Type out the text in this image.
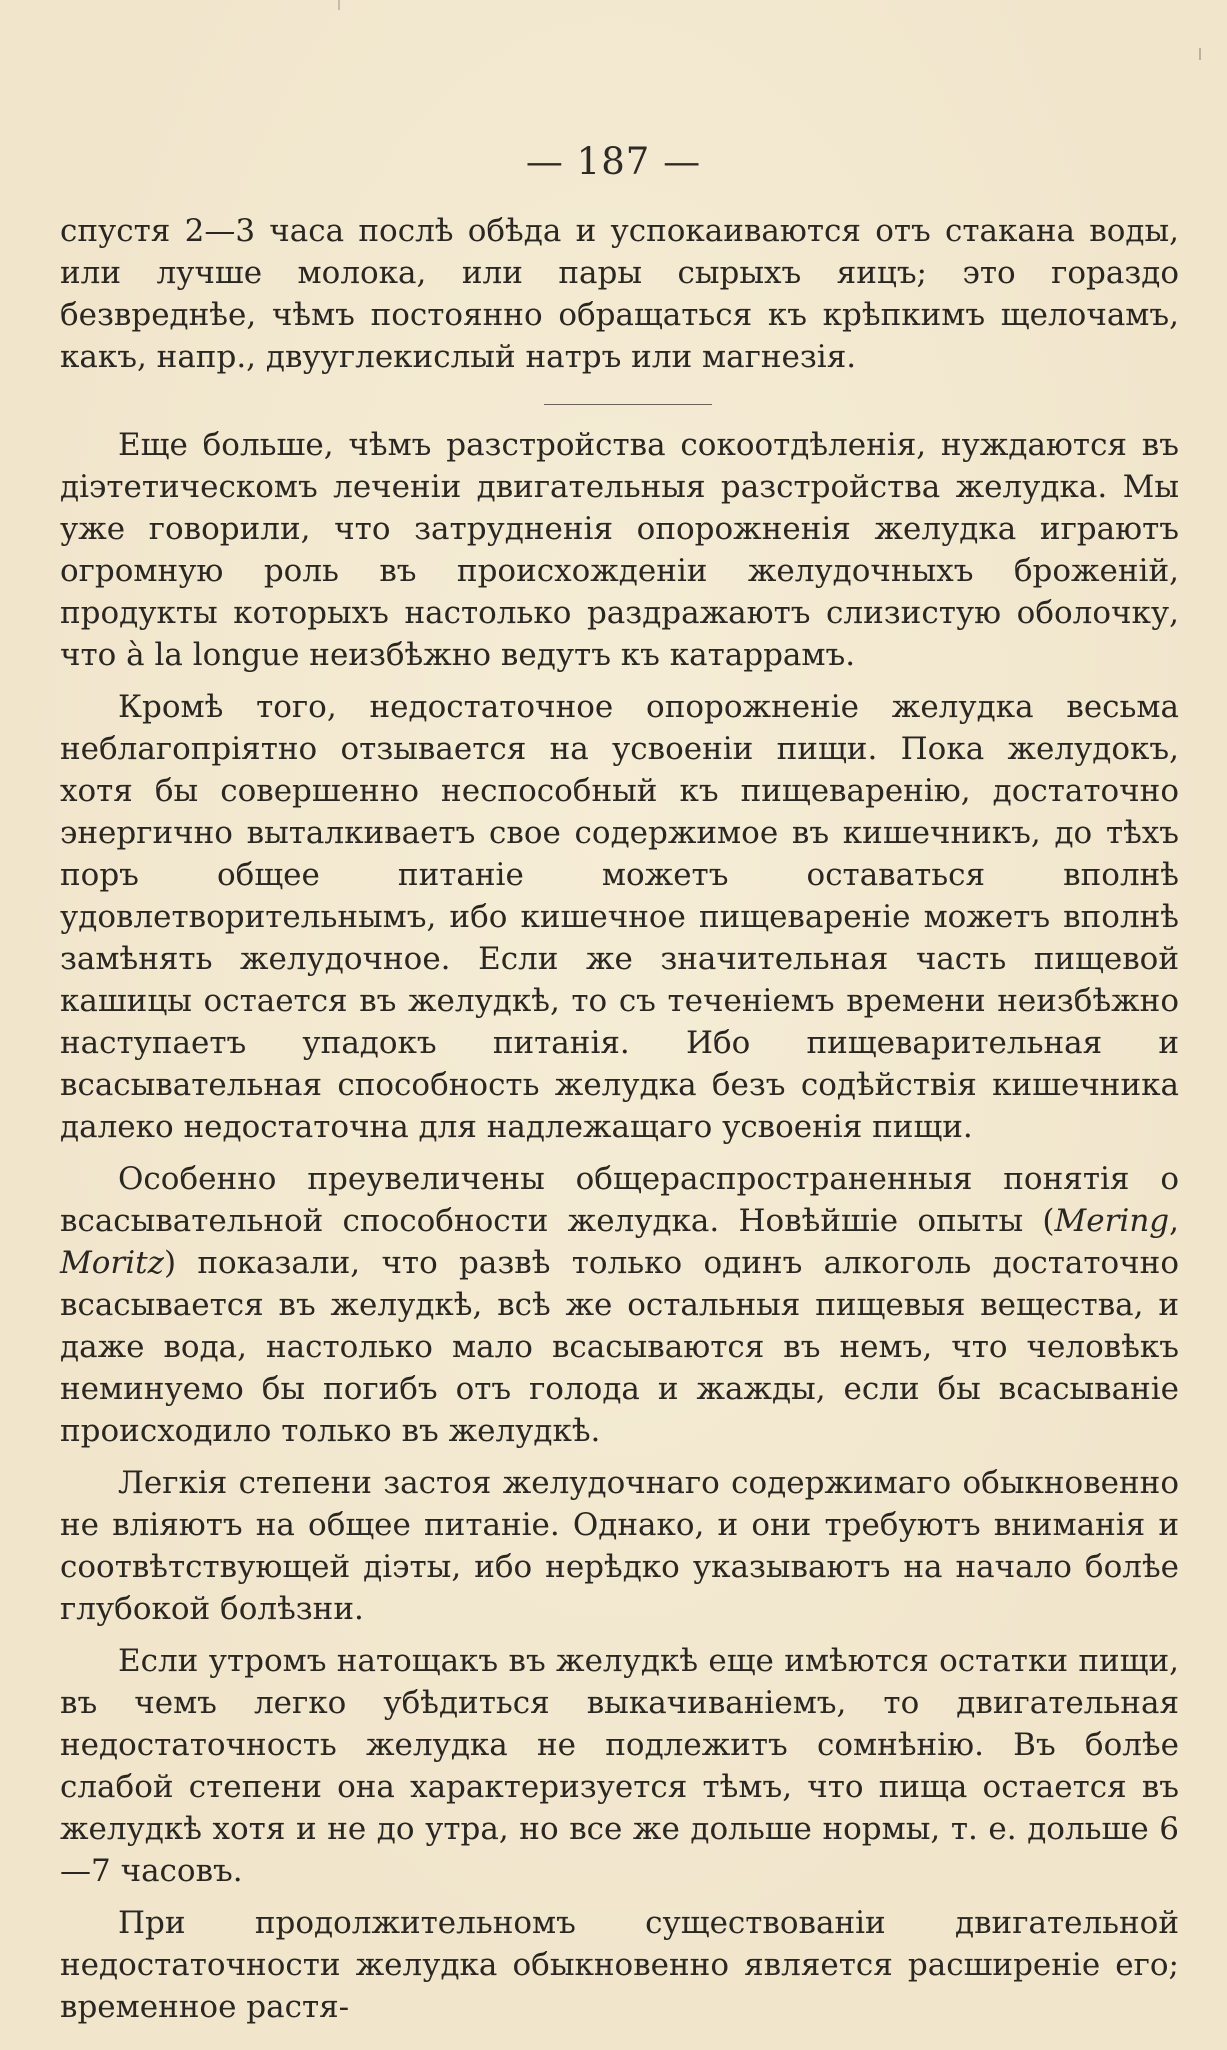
— 187 —

спустя 2—3 часа послѣ обѣда и успокаиваются отъ стакана воды, или лучше молока, или пары сырыхъ яицъ; это гораздо безвреднѣе, чѣмъ постоянно обращаться къ крѣпкимъ щелочамъ, какъ, напр., двууглекислый натръ или магнезія.

Еще больше, чѣмъ разстройства сокоотдѣленія, нуждаются въ діэтетическомъ леченіи двигательныя разстройства желудка. Мы уже говорили, что затрудненія опорожненія желудка играютъ огромную роль въ происхожденіи желудочныхъ броженій, продукты которыхъ настолько раздражаютъ слизистую оболочку, что à la longue неизбѣжно ведутъ къ катаррамъ.

Кромѣ того, недостаточное опорожненіе желудка весьма неблагопріятно отзывается на усвоеніи пищи. Пока желудокъ, хотя бы совершенно неспособный къ пищеваренію, достаточно энергично выталкиваетъ свое содержимое въ кишечникъ, до тѣхъ поръ общее питаніе можетъ оставаться вполнѣ удовлетворительнымъ, ибо кишечное пищевареніе можетъ вполнѣ замѣнять желудочное. Если же значительная часть пищевой кашицы остается въ желудкѣ, то съ теченіемъ времени неизбѣжно наступаетъ упадокъ питанія. Ибо пищеварительная и всасывательная способность желудка безъ содѣйствія кишечника далеко недостаточна для надлежащаго усвоенія пищи.

Особенно преувеличены общераспространенныя понятія о всасывательной способности желудка. Новѣйшіе опыты (Mering, Moritz) показали, что развѣ только одинъ алкоголь достаточно всасывается въ желудкѣ, всѣ же остальныя пищевыя вещества, и даже вода, настолько мало всасываются въ немъ, что человѣкъ неминуемо бы погибъ отъ голода и жажды, если бы всасываніе происходило только въ желудкѣ.

Легкія степени застоя желудочнаго содержимаго обыкновенно не вліяютъ на общее питаніе. Однако, и они требуютъ вниманія и соотвѣтствующей діэты, ибо нерѣдко указываютъ на начало болѣе глубокой болѣзни.

Если утромъ натощакъ въ желудкѣ еще имѣются остатки пищи, въ чемъ легко убѣдиться выкачиваніемъ, то двигательная недостаточность желудка не подлежитъ сомнѣнію. Въ болѣе слабой степени она характеризуется тѣмъ, что пища остается въ желудкѣ хотя и не до утра, но все же дольше нормы, т. е. дольше 6—7 часовъ.

При продолжительномъ существованіи двигательной недостаточности желудка обыкновенно является расширеніе его; временное растя-
